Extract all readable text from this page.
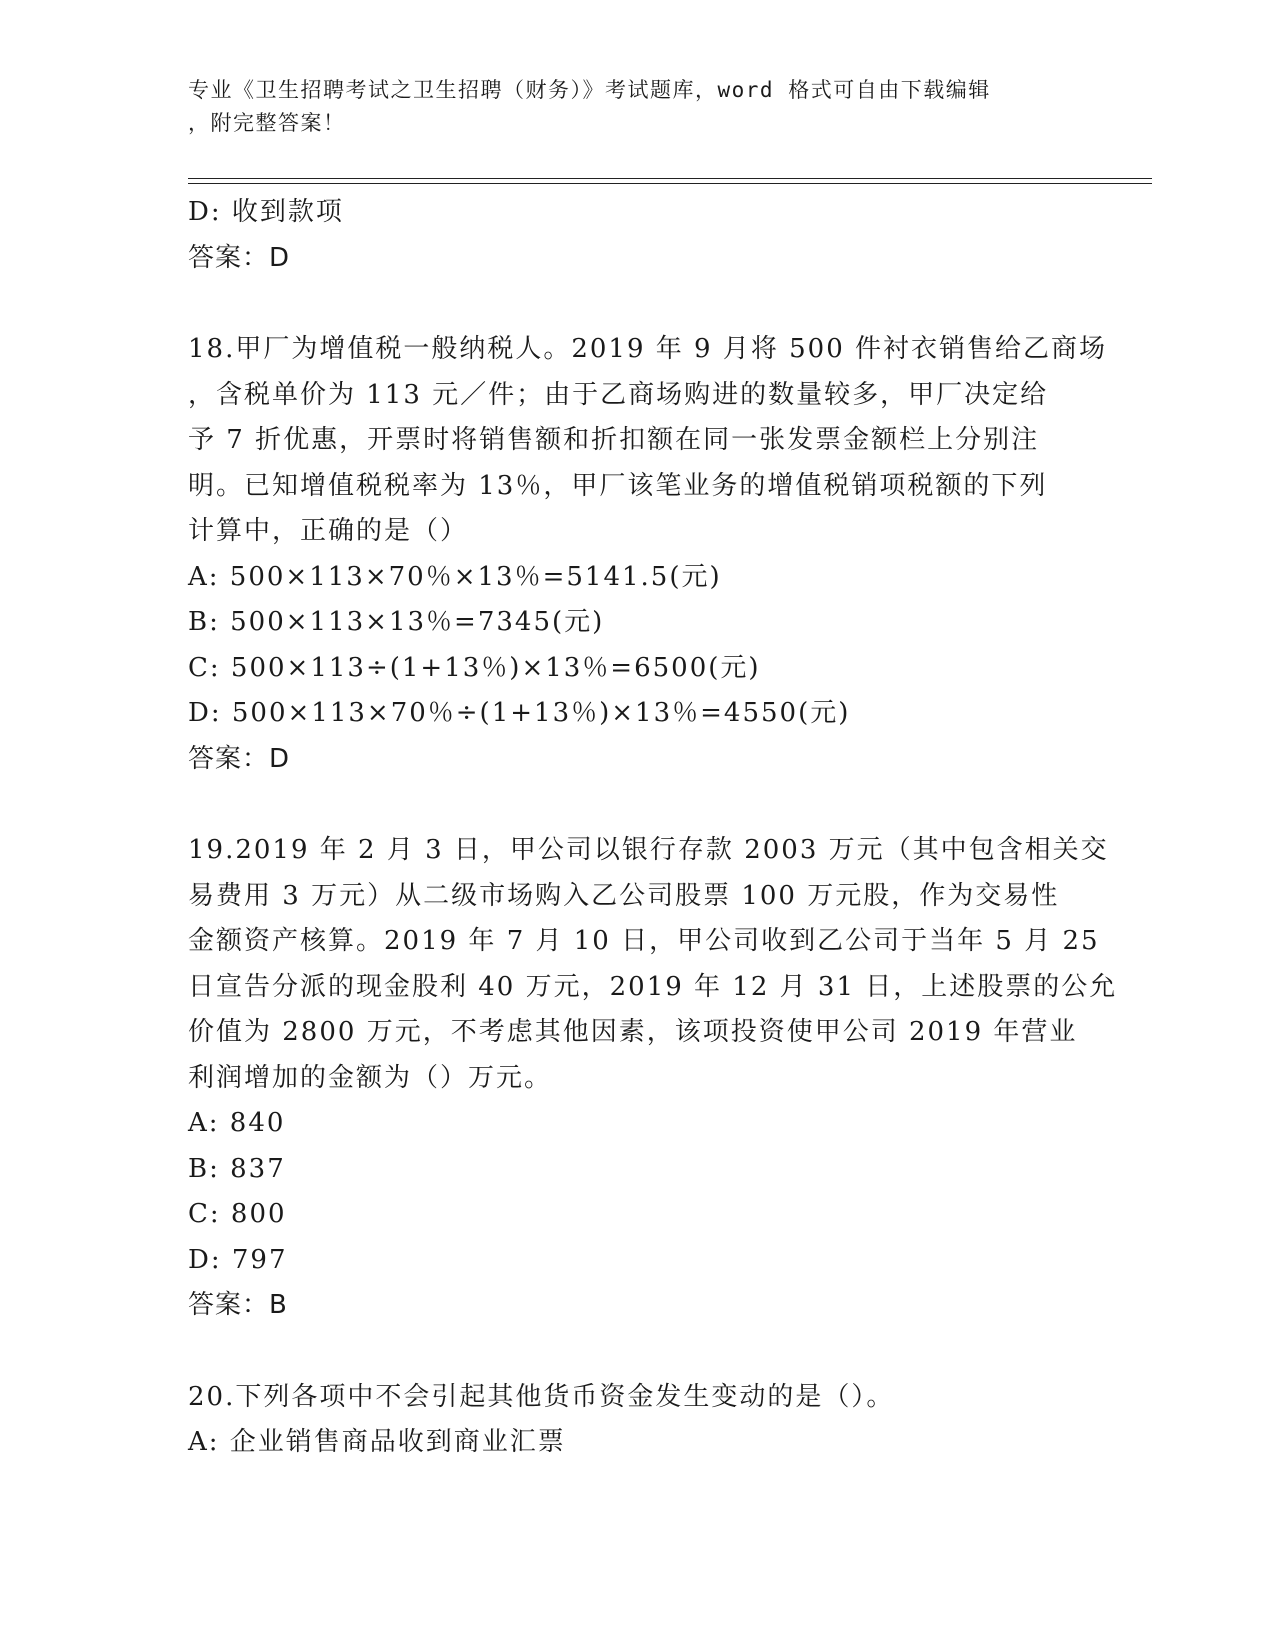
专业《卫生招聘考试之卫生招聘（财务）》考试题库，word 格式可自由下载编辑
，附完整答案！
D: 收到款项
答案：D
18.甲厂为增值税一般纳税人。2019 年 9 月将 500 件衬衣销售给乙商场
，含税单价为 113 元／件；由于乙商场购进的数量较多，甲厂决定给
予 7 折优惠，开票时将销售额和折扣额在同一张发票金额栏上分别注
明。已知增值税税率为 13％，甲厂该笔业务的增值税销项税额的下列
计算中，正确的是（）
A: 500×113×70％×13％=5141.5(元)
B: 500×113×13％=7345(元)
C: 500×113÷(1+13％)×13％=6500(元)
D: 500×113×70％÷(1+13％)×13％=4550(元)
答案：D
19.2019 年 2 月 3 日，甲公司以银行存款 2003 万元（其中包含相关交
易费用 3 万元）从二级市场购入乙公司股票 100 万元股，作为交易性
金额资产核算。2019 年 7 月 10 日，甲公司收到乙公司于当年 5 月 25
日宣告分派的现金股利 40 万元，2019 年 12 月 31 日，上述股票的公允
价值为 2800 万元，不考虑其他因素，该项投资使甲公司 2019 年营业
利润增加的金额为（）万元。
A: 840
B: 837
C: 800
D: 797
答案：B
20.下列各项中不会引起其他货币资金发生变动的是（）。
A: 企业销售商品收到商业汇票
